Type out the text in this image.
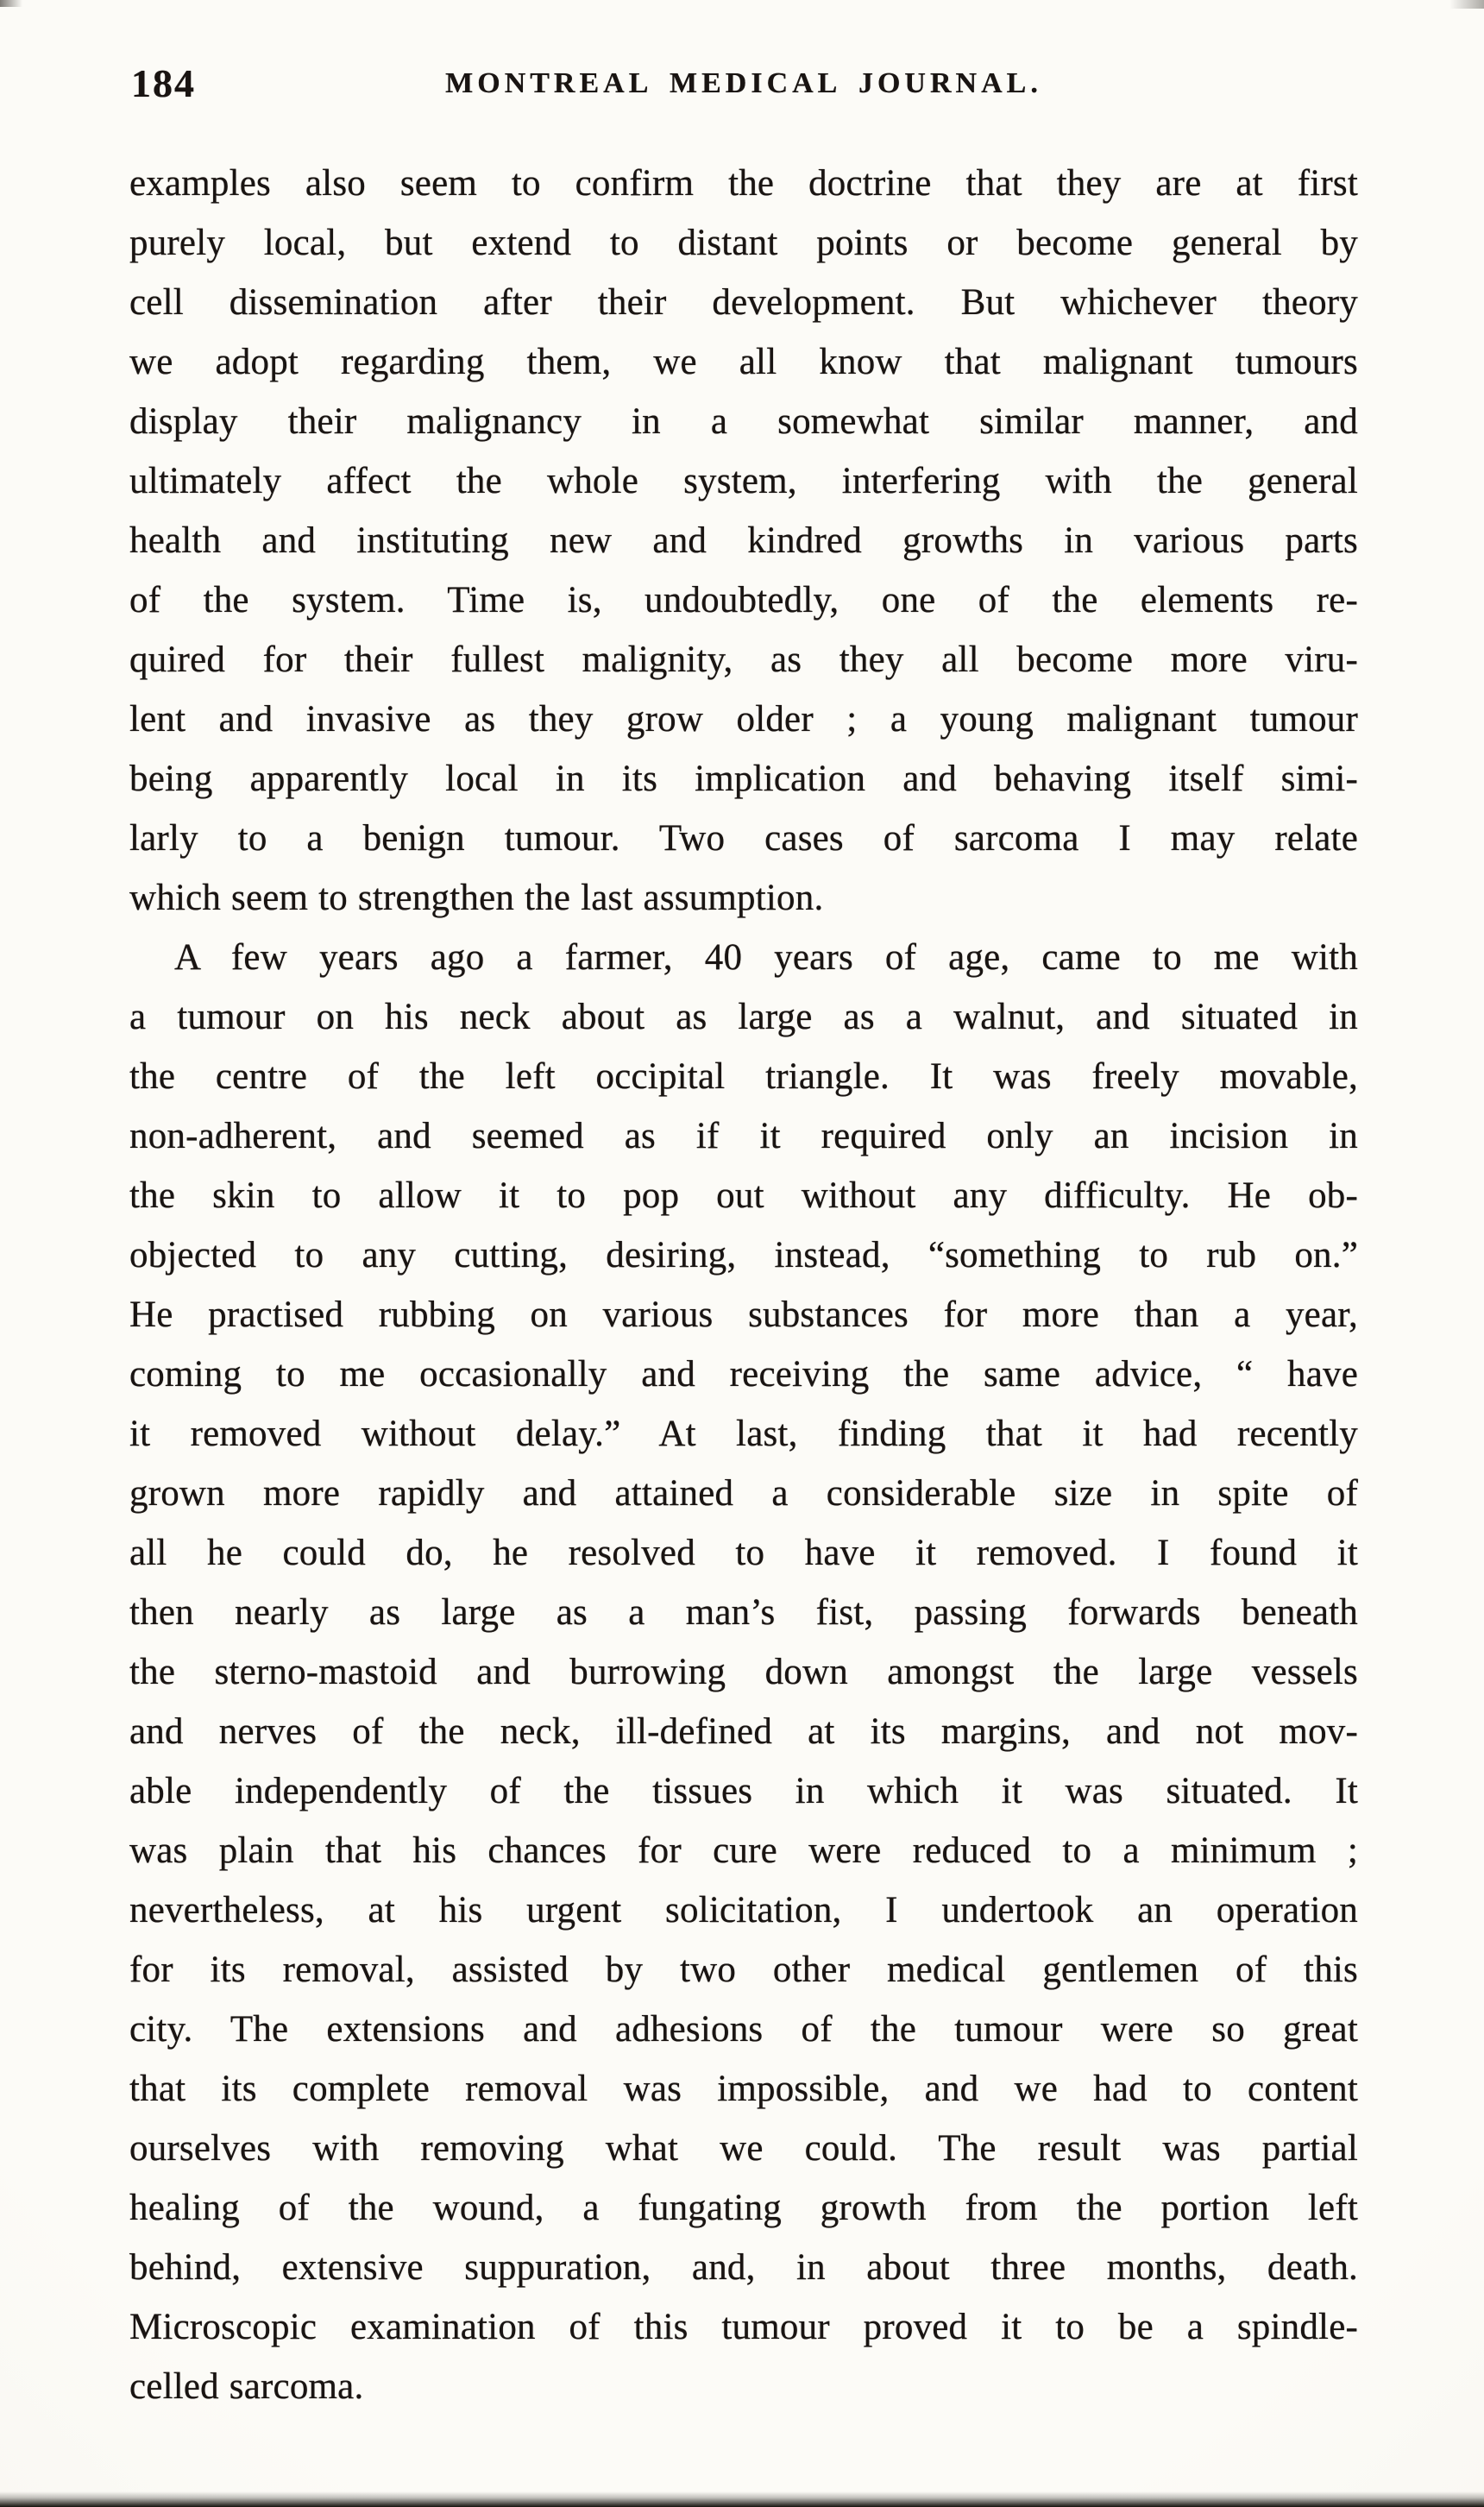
184	MONTREAL MEDICAL JOURNAL.
examples also seem to confirm the doctrine that they are at first
purely local, but extend to distant points or become general by
cell dissemination after their development. But whichever theory
we adopt regarding them, we all know that malignant tumours
display their malignancy in a somewhat similar manner, and
ultimately affect the whole system, interfering with the general
health and instituting new and kindred growths in various parts
of the system. Time is, undoubtedly, one of the elements re-
quired for their fullest malignity, as they all become more viru-
lent and invasive as they grow older ; a young malignant tumour
being apparently local in its implication and behaving itself simi-
larly to a benign tumour. Two cases of sarcoma I may relate
which seem to strengthen the last assumption.
A few years ago a farmer, 40 years of age, came to me with
a tumour on his neck about as large as a walnut, and situated in
the centre of the left occipital triangle. It was freely movable,
non-adherent, and seemed as if it required only an incision in
the skin to allow it to pop out without any difficulty. He ob-
objected to any cutting, desiring, instead, “something to rub on.”
He practised rubbing on various substances for more than a year,
coming to me occasionally and receiving the same advice, “ have
it removed without delay.” At last, finding that it had recently
grown more rapidly and attained a considerable size in spite of
all he could do, he resolved to have it removed. I found it
then nearly as large as a man’s fist, passing forwards beneath
the sterno-mastoid and burrowing down amongst the large vessels
and nerves of the neck, ill-defined at its margins, and not mov-
able independently of the tissues in which it was situated. It
was plain that his chances for cure were reduced to a minimum ;
nevertheless, at his urgent solicitation, I undertook an operation
for its removal, assisted by two other medical gentlemen of this
city. The extensions and adhesions of the tumour were so great
that its complete removal was impossible, and we had to content
ourselves with removing what we could. The result was partial
healing of the wound, a fungating growth from the portion left
behind, extensive suppuration, and, in about three months, death.
Microscopic examination of this tumour proved it to be a spindle-
celled sarcoma.
